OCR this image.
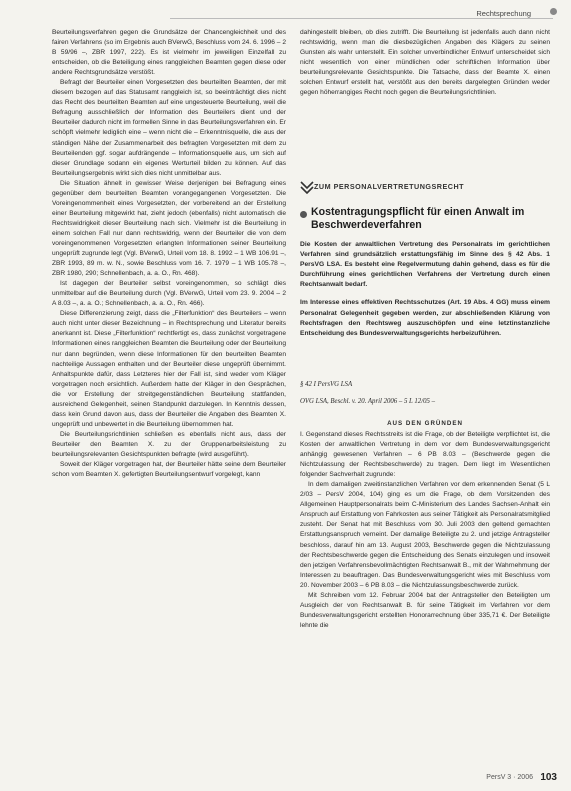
Rechtsprechung

Beurteilungsverfahren gegen die Grundsätze der Chancengleichheit und des fairen Verfahrens (so im Ergebnis auch BVerwG, Beschluss vom 24. 6. 1996 – 2 B 59/96 –, ZBR 1997, 222). Es ist vielmehr im jeweiligen Einzelfall zu entscheiden, ob die Beteiligung eines ranggleichen Beamten gegen diese oder andere Rechtsgrundsätze verstößt.

Befragt der Beurteiler einen Vorgesetzten des beurteilten Beamten, der mit diesem bezogen auf das Statusamt ranggleich ist, so beeinträchtigt dies nicht das Recht des beurteilten Beamten auf eine ungesteuerte Beurteilung, weil die Befragung ausschließlich der Information des Beurteilers dient und der Beurteiler dadurch nicht im formellen Sinne in das Beurteilungsverfahren ein. Er schöpft vielmehr lediglich eine – wenn nicht die – Erkenntnisquelle, die aus der ständigen Nähe der Zusammenarbeit des befragten Vorgesetzten mit dem zu Beurteilenden ggf. sogar aufdrängende – Informationsquelle aus, um sich auf dieser Grundlage sodann ein eigenes Werturteil bilden zu können. Auf das Beurteilungsergebnis wirkt sich dies nicht unmittelbar aus.

Die Situation ähnelt in gewisser Weise derjenigen bei Befragung eines gegenüber dem beurteilten Beamten vorangegangenen Vorgesetzten. Die Voreingenommenheit eines Vorgesetzten, der vorbereitend an der Erstellung einer Beurteilung mitgewirkt hat, zieht jedoch (ebenfalls) nicht automatisch die Rechtswidrigkeit dieser Beurteilung nach sich. Vielmehr ist die Beurteilung in einem solchen Fall nur dann rechtswidrig, wenn der Beurteiler die von dem voreingenommenen Vorgesetzten erlangten Informationen seiner Beurteilung ungeprüft zugrunde legt (Vgl. BVerwG, Urteil vom 18. 8. 1992 – 1 WB 106.91 –, ZBR 1993, 89 m. w. N., sowie Beschluss vom 16. 7. 1979 – 1 WB 105.78 –, ZBR 1980, 290; Schnellenbach, a. a. O., Rn. 468).

Ist dagegen der Beurteiler selbst voreingenommen, so schlägt dies unmittelbar auf die Beurteilung durch (Vgl. BVerwG, Urteil vom 23. 9. 2004 – 2 A 8.03 –, a. a. O.; Schnellenbach, a. a. O., Rn. 466).

Diese Differenzierung zeigt, dass die „Filterfunktion“ des Beurteilers – wenn auch nicht unter dieser Bezeichnung – in Rechtsprechung und Literatur bereits anerkannt ist. Diese „Filterfunktion“ rechtfertigt es, dass zunächst vorgetragene Informationen eines ranggleichen Beamten die Beurteilung oder der Beurteilung nur dann begründen, wenn diese Informationen für den beurteilten Beamten nachteilige Aussagen enthalten und der Beurteiler diese ungeprüft übernimmt. Anhaltspunkte dafür, dass Letzteres hier der Fall ist, sind weder vom Kläger vorgetragen noch ersichtlich. Außerdem hatte der Kläger in den Gesprächen, die vor Erstellung der streitgegenständlichen Beurteilung stattfanden, ausreichend Gelegenheit, seinen Standpunkt darzulegen. In Kenntnis dessen, dass kein Grund davon aus, dass der Beurteiler die Angaben des Beamten X. ungeprüft und unbewertet in die Beurteilung übernommen hat.

Die Beurteilungsrichtlinien schließen es ebenfalls nicht aus, dass der Beurteiler den Beamten X. zu der Gruppenarbeitsleistung zu beurteilungsrelevanten Gesichtspunkten befragte (wird ausgeführt).

Soweit der Kläger vorgetragen hat, der Beurteiler hätte seine dem Beurteiler schon vom Beamten X. gefertigten Beurteilungsentwurf vorgelegt, kann

dahingestellt bleiben, ob dies zutrifft. Die Beurteilung ist jedenfalls auch dann nicht rechtswidrig, wenn man die diesbezüglichen Angaben des Klägers zu seinen Gunsten als wahr unterstellt. Ein solcher unverbindlicher Entwurf unterscheidet sich nicht wesentlich von einer mündlichen oder schriftlichen Information über beurteilungsrelevante Gesichtspunkte. Die Tatsache, dass der Beamte X. einen solchen Entwurf erstellt hat, verstößt aus den bereits dargelegten Gründen weder gegen höherrangiges Recht noch gegen die Beurteilungsrichtlinien.

ZUM PERSONALVERTRETUNGSRECHT
Kostentragungspflicht für einen Anwalt im Beschwerdeverfahren

Die Kosten der anwaltlichen Vertretung des Personalrats im gerichtlichen Verfahren sind grundsätzlich erstattungsfähig im Sinne des § 42 Abs. 1 PersVG LSA. Es besteht eine Regelvermutung dahin gehend, dass es für die Durchführung eines gerichtlichen Verfahrens der Vertretung durch einen Rechtsanwalt bedarf.

Im Interesse eines effektiven Rechtsschutzes (Art. 19 Abs. 4 GG) muss einem Personalrat Gelegenheit gegeben werden, zur abschließenden Klärung von Rechtsfragen den Rechtsweg auszuschöpfen und eine letztinstanzliche Entscheidung des Bundesverwaltungsgerichts herbeizuführen.

§ 42 I PersVG LSA
OVG LSA, Beschl. v. 20. April 2006 – 5 L 12/05 –
AUS DEN GRÜNDEN

I. Gegenstand dieses Rechtsstreits ist die Frage, ob der Beteiligte verpflichtet ist, die Kosten der anwaltlichen Vertretung in dem vor dem Bundesverwaltungsgericht anhängig gewesenen Verfahren – 6 PB 8.03 – (Beschwerde gegen die Nichtzulassung der Rechtsbeschwerde) zu tragen. Dem liegt im Wesentlichen folgender Sachverhalt zugrunde:

In dem damaligen zweitinstanzlichen Verfahren vor dem erkennenden Senat (5 L 2/03 – PersV 2004, 104) ging es um die Frage, ob dem Vorsitzenden des Allgemeinen Hauptpersonalrats beim C-Ministerium des Landes Sachsen-Anhalt ein Anspruch auf Erstattung von Fahrkosten aus seiner Tätigkeit als Personalratsmitglied zusteht. Der Senat hat mit Beschluss vom 30. Juli 2003 den geltend gemachten Erstattungsanspruch verneint. Der damalige Beteiligte zu 2. und jetzige Antragsteller beschloss, darauf hin am 13. August 2003, Beschwerde gegen die Nichtzulassung der Rechtsbeschwerde gegen die Entscheidung des Senats einzulegen und insoweit den jetzigen Verfahrensbevollmächtigten Rechtsanwalt B., mit der Wahrnehmung der Interessen zu beauftragen. Das Bundesverwaltungsgericht wies mit Beschluss vom 20. November 2003 – 6 PB 8.03 – die Nichtzulassungsbeschwerde zurück.

Mit Schreiben vom 12. Februar 2004 bat der Antragsteller den Beteiligten um Ausgleich der von Rechtsanwalt B. für seine Tätigkeit im Verfahren vor dem Bundesverwaltungsgericht erstellten Honorarrechnung über 335,71 €. Der Beteiligte lehnte die

PersV 3 · 2006 103
